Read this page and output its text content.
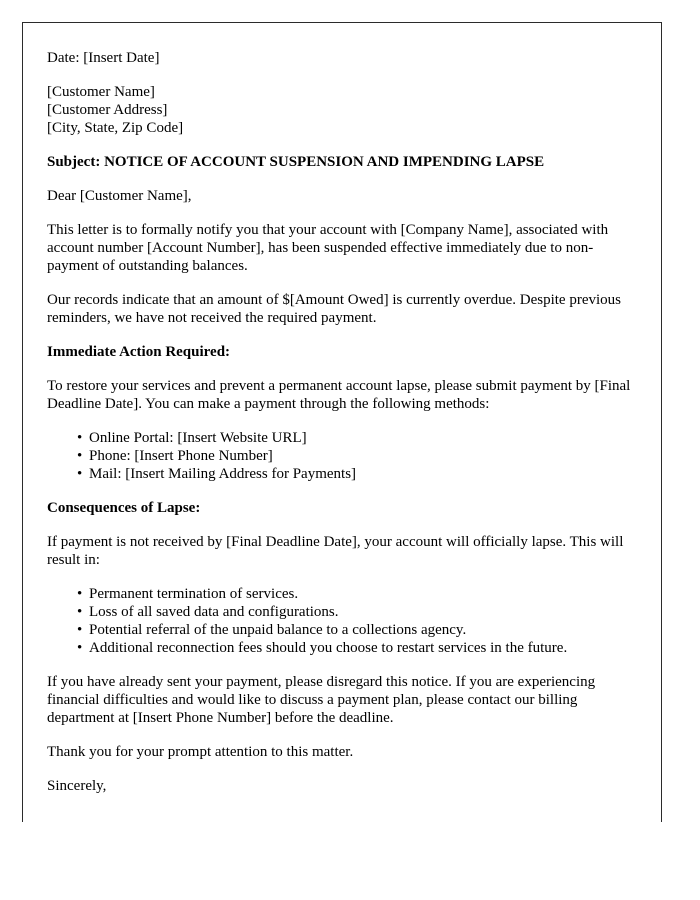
Date: [Insert Date]

[Customer Name]
[Customer Address]
[City, State, Zip Code]

Subject: NOTICE OF ACCOUNT SUSPENSION AND IMPENDING LAPSE

Dear [Customer Name],

This letter is to formally notify you that your account with [Company Name], associated with account number [Account Number], has been suspended effective immediately due to non-payment of outstanding balances.

Our records indicate that an amount of $[Amount Owed] is currently overdue. Despite previous reminders, we have not received the required payment.

Immediate Action Required:

To restore your services and prevent a permanent account lapse, please submit payment by [Final Deadline Date]. You can make a payment through the following methods:

• Online Portal: [Insert Website URL]
• Phone: [Insert Phone Number]
• Mail: [Insert Mailing Address for Payments]

Consequences of Lapse:

If payment is not received by [Final Deadline Date], your account will officially lapse. This will result in:

• Permanent termination of services.
• Loss of all saved data and configurations.
• Potential referral of the unpaid balance to a collections agency.
• Additional reconnection fees should you choose to restart services in the future.

If you have already sent your payment, please disregard this notice. If you are experiencing financial difficulties and would like to discuss a payment plan, please contact our billing department at [Insert Phone Number] before the deadline.

Thank you for your prompt attention to this matter.

Sincerely,
